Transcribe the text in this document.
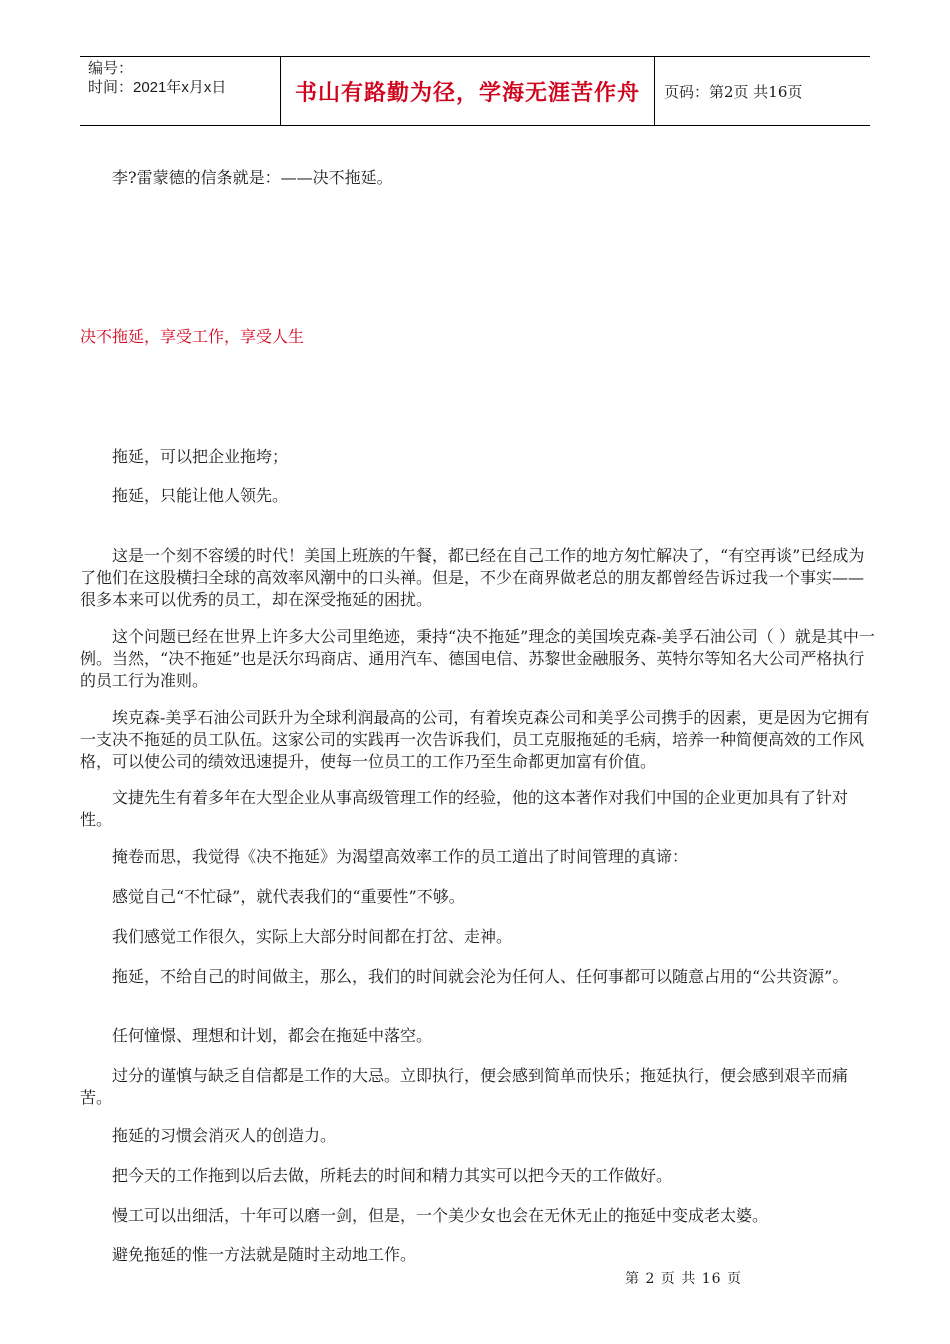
编号：
时间：2021年x月x日	书山有路勤为径，学海无涯苦作舟	页码：第2页 共16页

李?雷蒙德的信条就是：——决不拖延。

决不拖延，享受工作，享受人生

拖延，可以把企业拖垮；

拖延，只能让他人领先。

这是一个刻不容缓的时代！美国上班族的午餐，都已经在自己工作的地方匆忙解决了，“有空再谈”已经成为了他们在这股横扫全球的高效率风潮中的口头禅。但是，不少在商界做老总的朋友都曾经告诉过我一个事实——很多本来可以优秀的员工，却在深受拖延的困扰。

这个问题已经在世界上许多大公司里绝迹，秉持“决不拖延”理念的美国埃克森-美孚石油公司（ ）就是其中一例。当然，“决不拖延”也是沃尔玛商店、通用汽车、德国电信、苏黎世金融服务、英特尔等知名大公司严格执行的员工行为准则。

埃克森-美孚石油公司跃升为全球利润最高的公司，有着埃克森公司和美孚公司携手的因素，更是因为它拥有一支决不拖延的员工队伍。这家公司的实践再一次告诉我们，员工克服拖延的毛病，培养一种简便高效的工作风格，可以使公司的绩效迅速提升，使每一位员工的工作乃至生命都更加富有价值。

文捷先生有着多年在大型企业从事高级管理工作的经验，他的这本著作对我们中国的企业更加具有了针对性。

掩卷而思，我觉得《决不拖延》为渴望高效率工作的员工道出了时间管理的真谛：

感觉自己“不忙碌”，就代表我们的“重要性”不够。

我们感觉工作很久，实际上大部分时间都在打岔、走神。

拖延，不给自己的时间做主，那么，我们的时间就会沦为任何人、任何事都可以随意占用的“公共资源”。

任何憧憬、理想和计划，都会在拖延中落空。

过分的谨慎与缺乏自信都是工作的大忌。立即执行，便会感到简单而快乐；拖延执行，便会感到艰辛而痛苦。

拖延的习惯会消灭人的创造力。

把今天的工作拖到以后去做，所耗去的时间和精力其实可以把今天的工作做好。

慢工可以出细活，十年可以磨一剑，但是，一个美少女也会在无休无止的拖延中变成老太婆。

避免拖延的惟一方法就是随时主动地工作。

第 2 页 共 16 页
